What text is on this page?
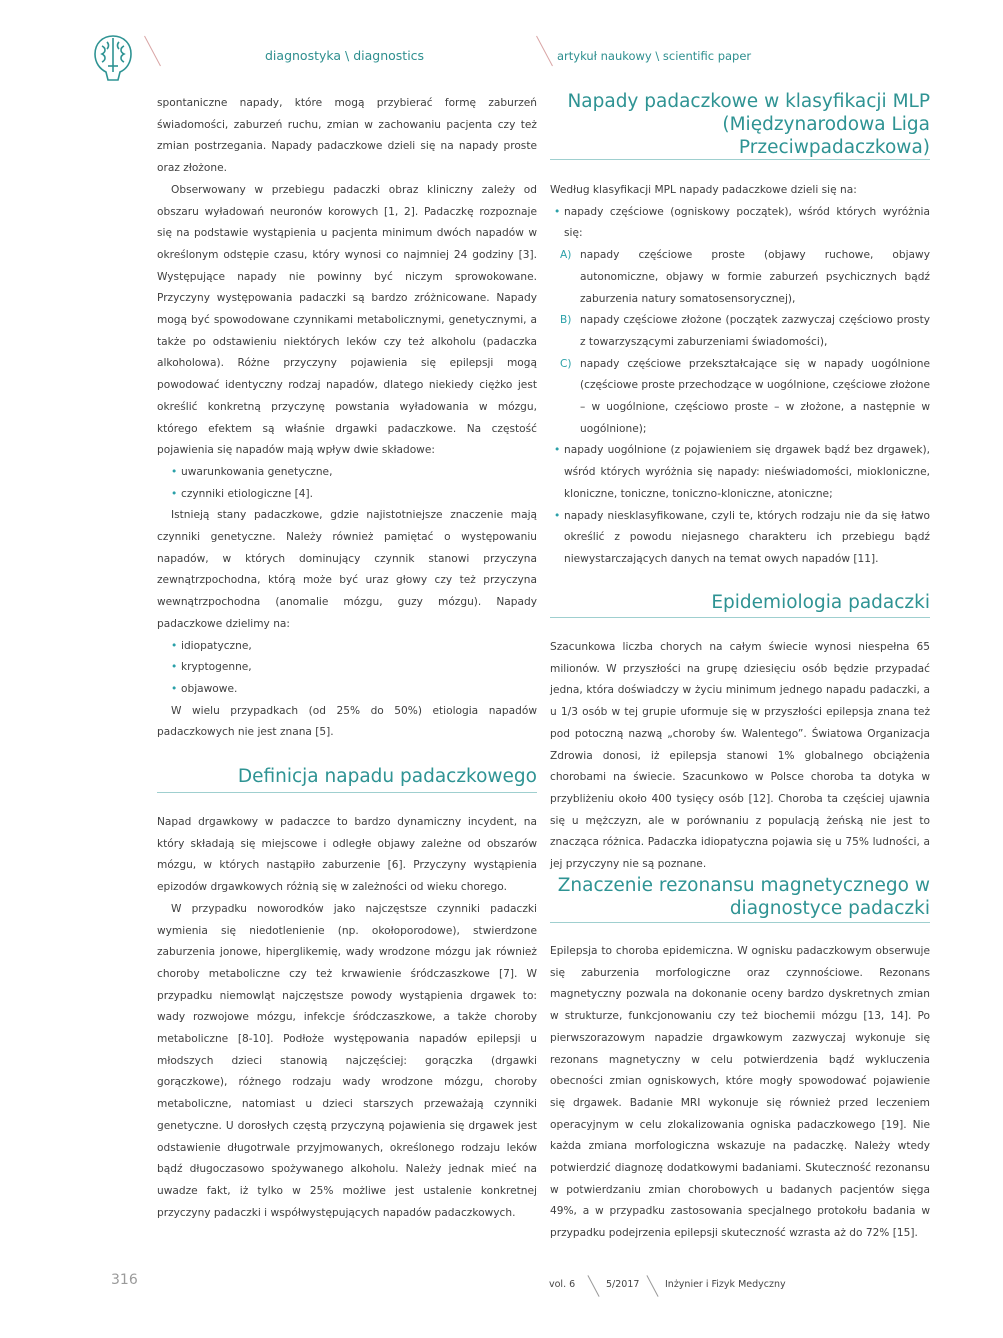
diagnostyka \ diagnostics	artykuł naukowy \ scientific paper

spontaniczne napady, które mogą przybierać formę zaburzeń świadomości, zaburzeń ruchu, zmian w zachowaniu pacjenta czy też zmian postrzegania. Napady padaczkowe dzieli się na napady proste oraz złożone.

Obserwowany w przebiegu padaczki obraz kliniczny zależy od obszaru wyładowań neuronów korowych [1, 2]. Padaczkę rozpoznaje się na podstawie wystąpienia u pacjenta minimum dwóch napadów w określonym odstępie czasu, który wynosi co najmniej 24 godziny [3]. Występujące napady nie powinny być niczym sprowokowane. Przyczyny występowania padaczki są bardzo zróżnicowane. Napady mogą być spowodowane czynnikami metabolicznymi, genetycznymi, a także po odstawieniu niektórych leków czy też alkoholu (padaczka alkoholowa). Różne przyczyny pojawienia się epilepsji mogą powodować identyczny rodzaj napadów, dlatego niekiedy ciężko jest określić konkretną przyczynę powstania wyładowania w mózgu, którego efektem są właśnie drgawki padaczkowe. Na częstość pojawienia się napadów mają wpływ dwie składowe:

• uwarunkowania genetyczne,
• czynniki etiologiczne [4].

Istnieją stany padaczkowe, gdzie najistotniejsze znaczenie mają czynniki genetyczne. Należy również pamiętać o występowaniu napadów, w których dominujący czynnik stanowi przyczyna zewnątrzpochodna, którą może być uraz głowy czy też przyczyna wewnątrzpochodna (anomalie mózgu, guzy mózgu). Napady padaczkowe dzielimy na:

• idiopatyczne,
• kryptogenne,
• objawowe.

W wielu przypadkach (od 25% do 50%) etiologia napadów padaczkowych nie jest znana [5].

Definicja napadu padaczkowego

Napad drgawkowy w padaczce to bardzo dynamiczny incydent, na który składają się miejscowe i odległe objawy zależne od obszarów mózgu, w których nastąpiło zaburzenie [6]. Przyczyny wystąpienia epizodów drgawkowych różnią się w zależności od wieku chorego.

W przypadku noworodków jako najczęstsze czynniki padaczki wymienia się niedotlenienie (np. okołoporodowe), stwierdzone zaburzenia jonowe, hiperglikemię, wady wrodzone mózgu jak również choroby metaboliczne czy też krwawienie śródczaszkowe [7]. W przypadku niemowląt najczęstsze powody wystąpienia drgawek to: wady rozwojowe mózgu, infekcje śródczaszkowe, a także choroby metaboliczne [8-10]. Podłoże występowania napadów epilepsji u młodszych dzieci stanowią najczęściej: gorączka (drgawki gorączkowe), różnego rodzaju wady wrodzone mózgu, choroby metaboliczne, natomiast u dzieci starszych przeważają czynniki genetyczne. U dorosłych częstą przyczyną pojawienia się drgawek jest odstawienie długotrwale przyjmowanych, określonego rodzaju leków bądź długoczasowo spożywanego alkoholu. Należy jednak mieć na uwadze fakt, iż tylko w 25% możliwe jest ustalenie konkretnej przyczyny padaczki i współwystępujących napadów padaczkowych.

Napady padaczkowe w klasyfikacji MLP (Międzynarodowa Liga Przeciwpadaczkowa)

Według klasyfikacji MPL napady padaczkowe dzieli się na:

• napady częściowe (ogniskowy początek), wśród których wyróżnia się:
A) napady częściowe proste (objawy ruchowe, objawy autonomiczne, objawy w formie zaburzeń psychicznych bądź zaburzenia natury somatosensorycznej),
B) napady częściowe złożone (początek zazwyczaj częściowo prosty z towarzyszącymi zaburzeniami świadomości),
C) napady częściowe przekształcające się w napady uogólnione (częściowe proste przechodzące w uogólnione, częściowe złożone – w uogólnione, częściowo proste – w złożone, a następnie w uogólnione);
• napady uogólnione (z pojawieniem się drgawek bądź bez drgawek), wśród których wyróżnia się napady: nieświadomości, miokloniczne, kloniczne, toniczne, toniczno-kloniczne, atoniczne;
• napady niesklasyfikowane, czyli te, których rodzaju nie da się łatwo określić z powodu niejasnego charakteru ich przebiegu bądź niewystarczających danych na temat owych napadów [11].
Epidemiologia padaczki

Szacunkowa liczba chorych na całym świecie wynosi niespełna 65 milionów. W przyszłości na grupę dziesięciu osób będzie przypadać jedna, która doświadczy w życiu minimum jednego napadu padaczki, a u 1/3 osób w tej grupie uformuje się w przyszłości epilepsja znana też pod potoczną nazwą „choroby św. Walentego”. Światowa Organizacja Zdrowia donosi, iż epilepsja stanowi 1% globalnego obciążenia chorobami na świecie. Szacunkowo w Polsce choroba ta dotyka w przybliżeniu około 400 tysięcy osób [12]. Choroba ta częściej ujawnia się u mężczyzn, ale w porównaniu z populacją żeńską nie jest to znacząca różnica. Padaczka idiopatyczna pojawia się u 75% ludności, a jej przyczyny nie są poznane.

Znaczenie rezonansu magnetycznego w diagnostyce padaczki

Epilepsja to choroba epidemiczna. W ognisku padaczkowym obserwuje się zaburzenia morfologiczne oraz czynnościowe. Rezonans magnetyczny pozwala na dokonanie oceny bardzo dyskretnych zmian w strukturze, funkcjonowaniu czy też biochemii mózgu [13, 14]. Po pierwszorazowym napadzie drgawkowym zazwyczaj wykonuje się rezonans magnetyczny w celu potwierdzenia bądź wykluczenia obecności zmian ogniskowych, które mogły spowodować pojawienie się drgawek. Badanie MRI wykonuje się również przed leczeniem operacyjnym w celu zlokalizowania ogniska padaczkowego [19]. Nie każda zmiana morfologiczna wskazuje na padaczkę. Należy wtedy potwierdzić diagnozę dodatkowymi badaniami. Skuteczność rezonansu w potwierdzaniu zmian chorobowych u badanych pacjentów sięga 49%, a w przypadku zastosowania specjalnego protokołu badania w przypadku podejrzenia epilepsji skuteczność wzrasta aż do 72% [15].

316	vol. 6	5/2017	Inżynier i Fizyk Medyczny
